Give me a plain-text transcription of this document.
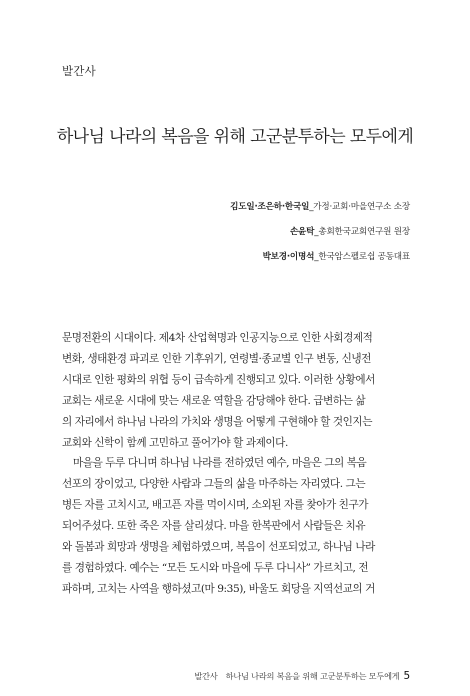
발간사
하나님 나라의 복음을 위해 고군분투하는 모두에게
김도일·조은하·한국일_가정·교회·마을연구소 소장
손윤탁_총회한국교회연구원 원장
박보경·이명석_한국암스펠로쉽 공동대표
문명전환의 시대이다. 제4차 산업혁명과 인공지능으로 인한 사회경제적
변화, 생태환경 파괴로 인한 기후위기, 연령별·종교별 인구 변동, 신냉전
시대로 인한 평화의 위협 등이 급속하게 진행되고 있다. 이러한 상황에서
교회는 새로운 시대에 맞는 새로운 역할을 감당해야 한다. 급변하는 삶
의 자리에서 하나님 나라의 가치와 생명을 어떻게 구현해야 할 것인지는
교회와 신학이 함께 고민하고 풀어가야 할 과제이다.
마을을 두루 다니며 하나님 나라를 전하였던 예수, 마을은 그의 복음
선포의 장이었고, 다양한 사람과 그들의 삶을 마주하는 자리였다. 그는
병든 자를 고치시고, 배고픈 자를 먹이시며, 소외된 자를 찾아가 친구가
되어주셨다. 또한 죽은 자를 살리셨다. 마을 한복판에서 사람들은 치유
와 돌봄과 희망과 생명을 체험하였으며, 복음이 선포되었고, 하나님 나라
를 경험하였다. 예수는 “모든 도시와 마을에 두루 다니사” 가르치고, 전
파하며, 고치는 사역을 행하셨고(마 9:35), 바울도 회당을 지역선교의 거
발간사 하나님 나라의 복음을 위해 고군분투하는 모두에게 5
